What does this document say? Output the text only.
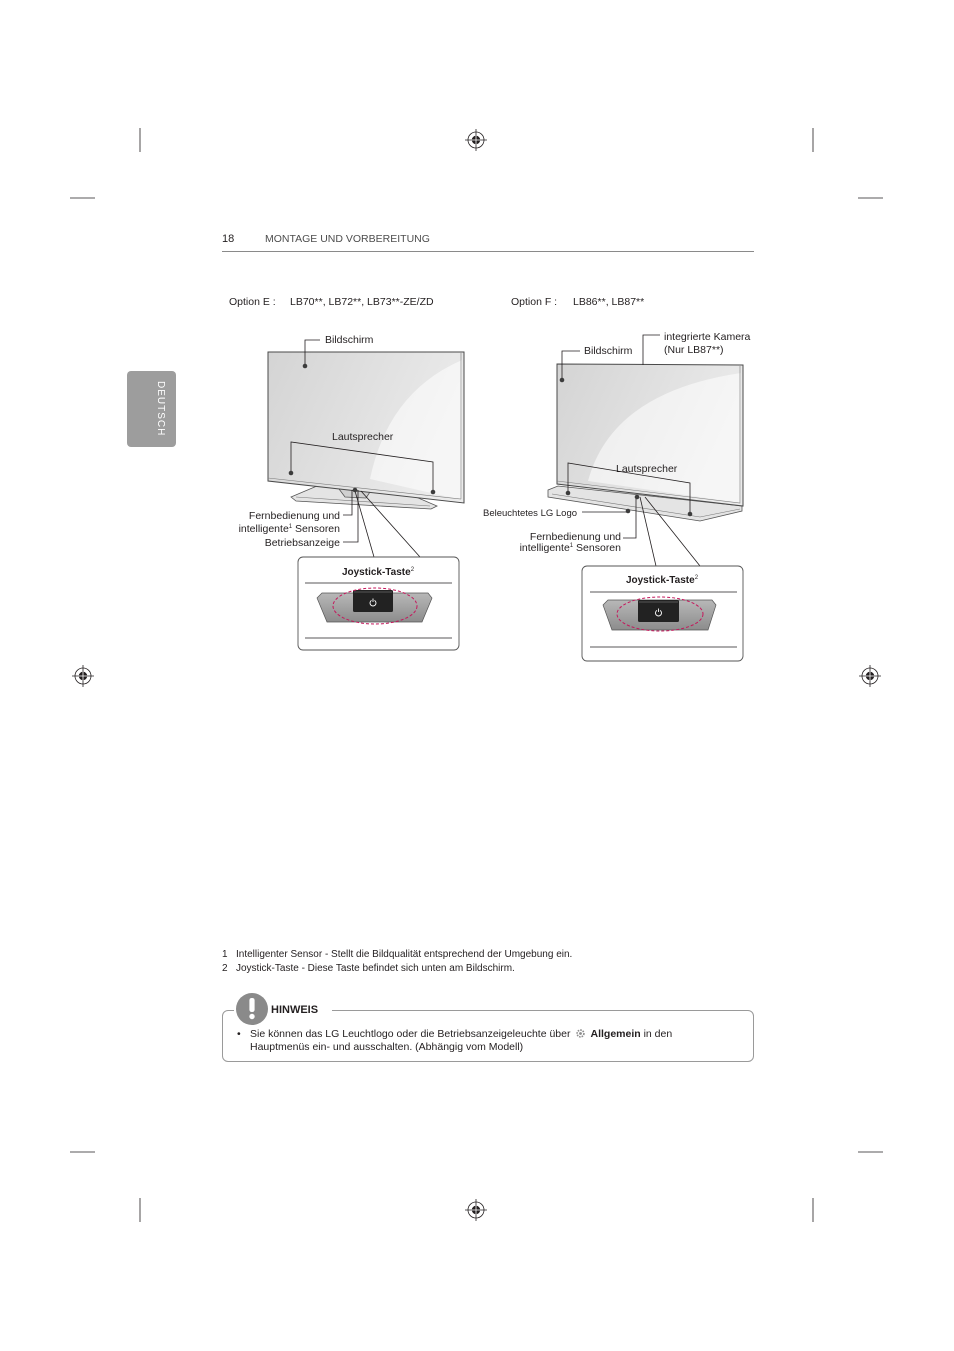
Option E : LB70**, LB72**, LB73**-ZE/ZD	Option F : LB86**, LB87**
Bildschirm
Lautsprecher
Fernbedienung und
intelligente$^1$ Sensoren
Betriebsanzeige
Joystick-Taste$^2$
integrierte Kamera
(Nur LB87**)
Bildschirm
Lautsprecher
Beleuchtetes LG Logo
Fernbedienung und
intelligente$^1$ Sensoren
Joystick-Taste$^2$
18	MONTAGE UND VORBEREITUNG
DEUTSCH
1 Intelligenter Sensor - Stellt die Bildqualität entsprechend der Umgebung ein.
2 Joystick-Taste - Diese Taste befindet sich unten am Bildschirm.
HINWEIS
• Sie können das LG Leuchtlogo oder die Betriebsanzeigeleuchte über Allgemein in den
Hauptmenüs ein- und ausschalten. (Abhängig vom Modell)
